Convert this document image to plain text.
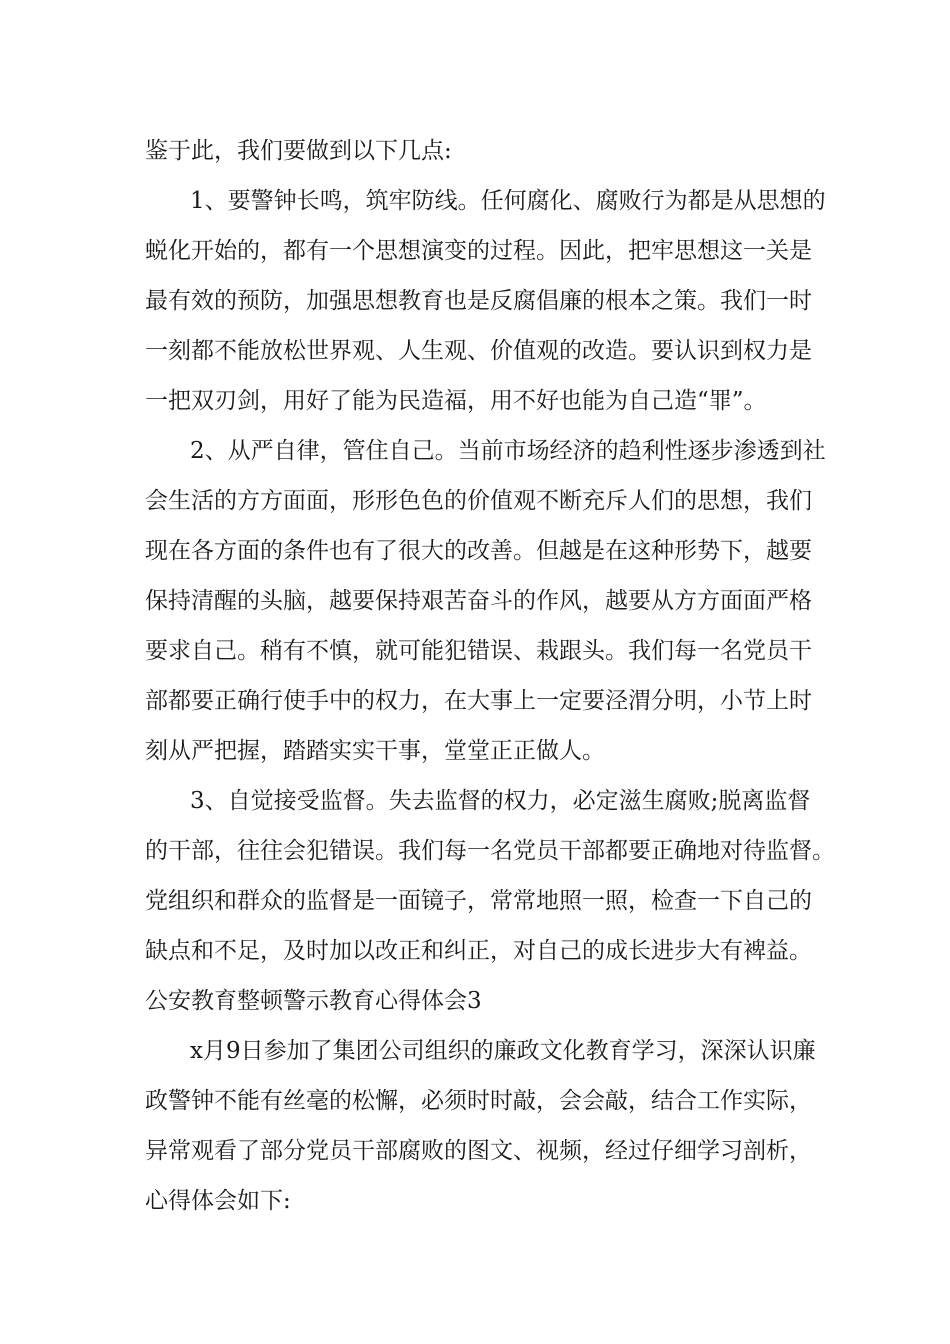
鉴于此，我们要做到以下几点:
1、要警钟长鸣，筑牢防线。任何腐化、腐败行为都是从思想的
蜕化开始的，都有一个思想演变的过程。因此，把牢思想这一关是
最有效的预防，加强思想教育也是反腐倡廉的根本之策。我们一时
一刻都不能放松世界观、人生观、价值观的改造。要认识到权力是
一把双刃剑，用好了能为民造福，用不好也能为自己造“罪”。
2、从严自律，管住自己。当前市场经济的趋利性逐步渗透到社
会生活的方方面面，形形色色的价值观不断充斥人们的思想，我们
现在各方面的条件也有了很大的改善。但越是在这种形势下，越要
保持清醒的头脑，越要保持艰苦奋斗的作风，越要从方方面面严格
要求自己。稍有不慎，就可能犯错误、栽跟头。我们每一名党员干
部都要正确行使手中的权力，在大事上一定要泾渭分明，小节上时
刻从严把握，踏踏实实干事，堂堂正正做人。
3、自觉接受监督。失去监督的权力，必定滋生腐败;脱离监督
的干部，往往会犯错误。我们每一名党员干部都要正确地对待监督。
党组织和群众的监督是一面镜子，常常地照一照，检查一下自己的
缺点和不足，及时加以改正和纠正，对自己的成长进步大有裨益。
公安教育整顿警示教育心得体会3
x月9日参加了集团公司组织的廉政文化教育学习，深深认识廉
政警钟不能有丝毫的松懈，必须时时敲，会会敲，结合工作实际，
异常观看了部分党员干部腐败的图文、视频，经过仔细学习剖析，
心得体会如下:
